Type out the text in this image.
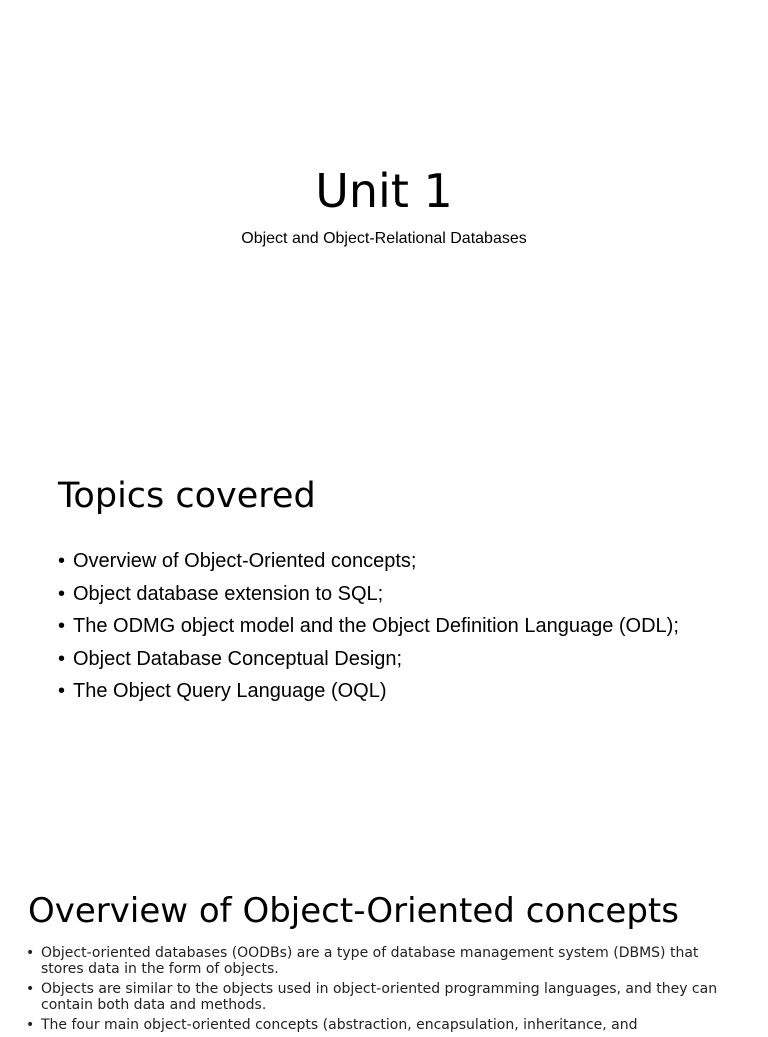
Unit 1
Object and Object-Relational Databases
Topics covered
• Overview of Object-Oriented concepts;
• Object database extension to SQL;
• The ODMG object model and the Object Definition Language (ODL);
• Object Database Conceptual Design;
• The Object Query Language (OQL)
Overview of Object-Oriented concepts
• Object-oriented databases (OODBs) are a type of database management system (DBMS) that stores data in the form of objects.
• Objects are similar to the objects used in object-oriented programming languages, and they can contain both data and methods.
• The four main object-oriented concepts (abstraction, encapsulation, inheritance, and
